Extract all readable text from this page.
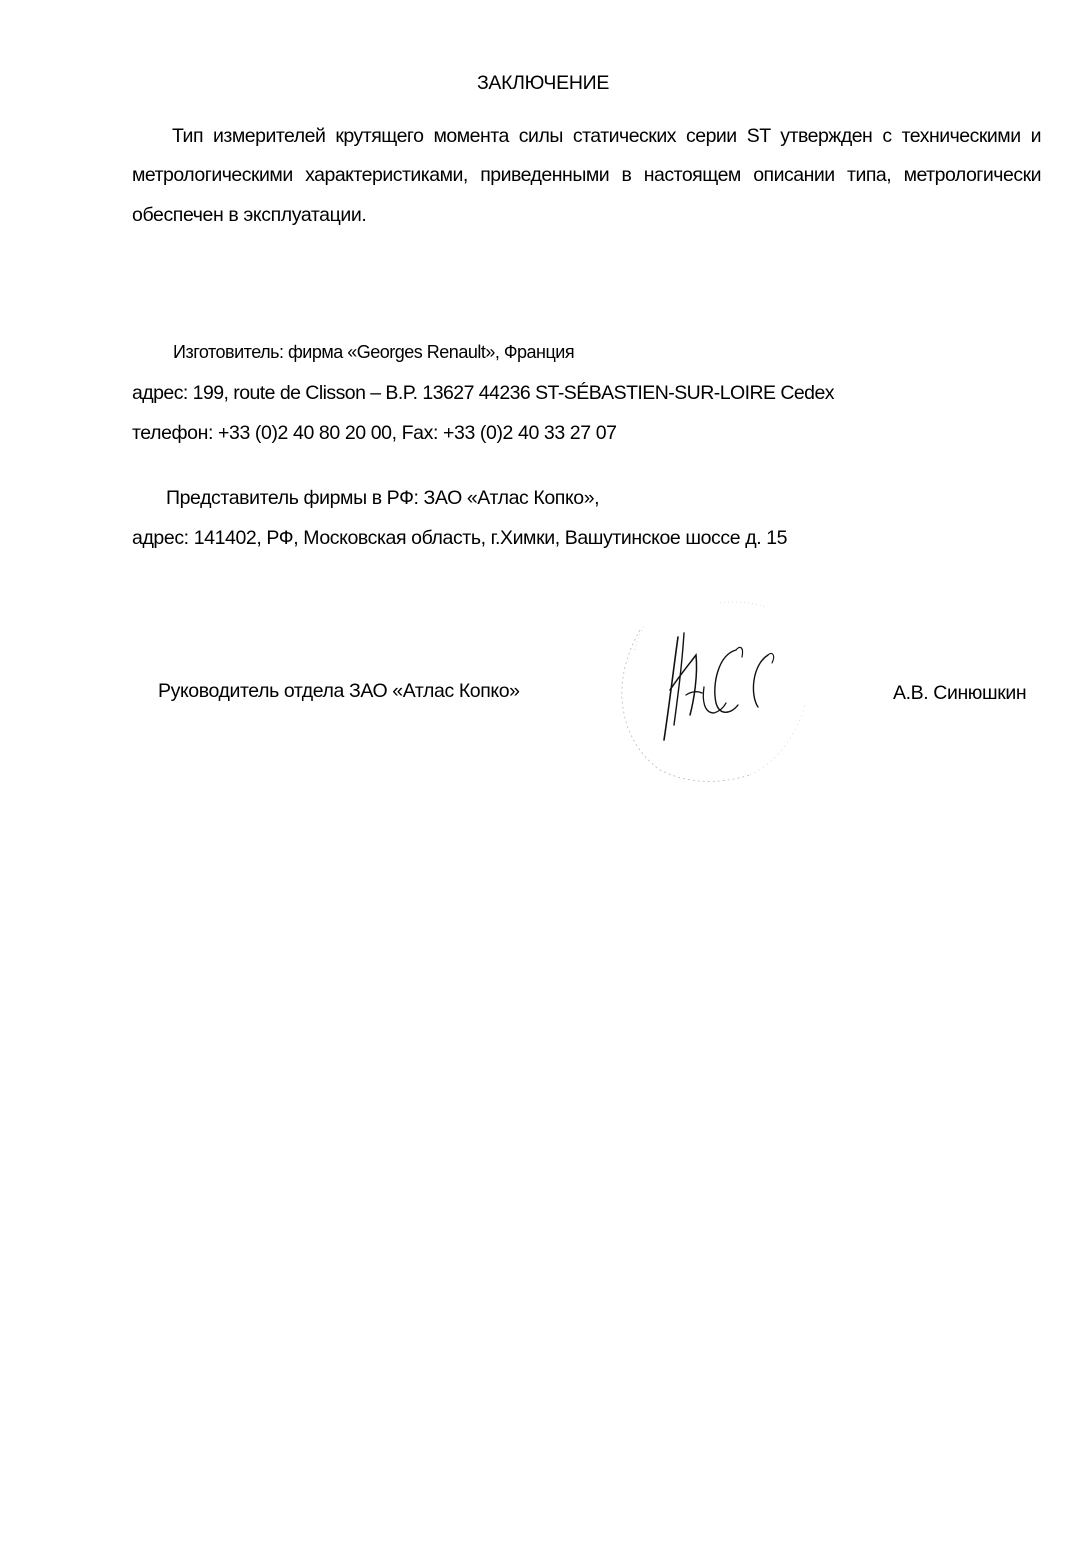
ЗАКЛЮЧЕНИЕ
Тип измерителей крутящего момента силы статических серии ST утвержден с техническими и
метрологическими характеристиками, приведенными в настоящем описании типа, метрологически
обеспечен в эксплуатации.
Изготовитель: фирма «Georges Renault», Франция
адрес: 199, route de Clisson – B.P. 13627 44236 ST-SÉBASTIEN-SUR-LOIRE Cedex
телефон: +33 (0)2 40 80 20 00, Fax: +33 (0)2 40 33 27 07
Представитель фирмы в РФ: ЗАО «Атлас Копко»,
адрес: 141402, РФ, Московская область, г.Химки, Вашутинское шоссе д. 15
Руководитель отдела ЗАО «Атлас Копко»	А.В. Синюшкин
